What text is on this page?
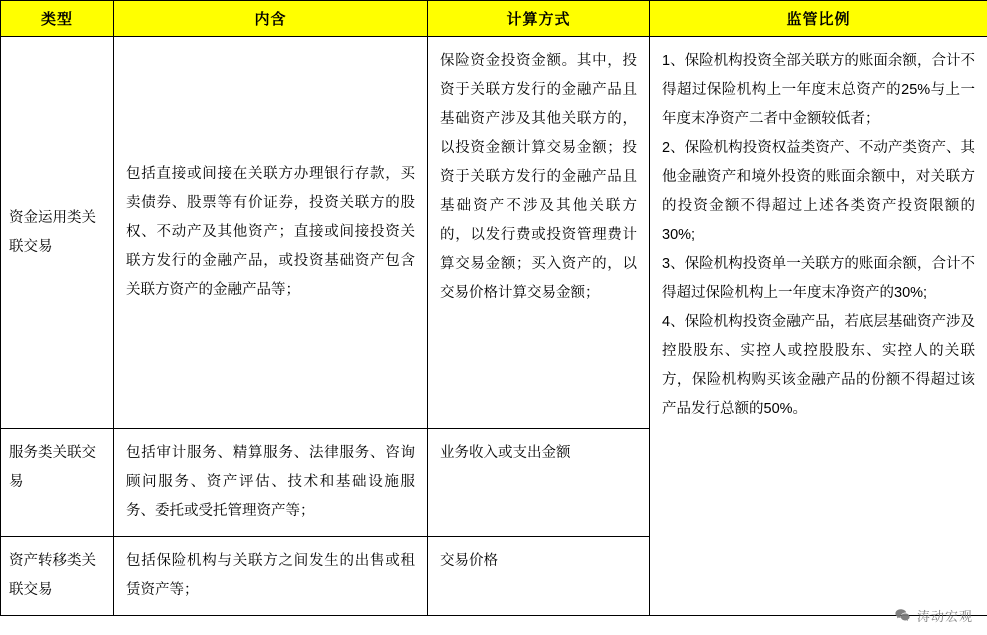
类型	内含	计算方式	监管比例

资金运用类关联交易	包括直接或间接在关联方办理银行存款，买卖债券、股票等有价证券，投资关联方的股权、不动产及其他资产；直接或间接投资关联方发行的金融产品，或投资基础资产包含关联方资产的金融产品等；	保险资金投资金额。其中，投资于关联方发行的金融产品且基础资产涉及其他关联方的，以投资金额计算交易金额；投资于关联方发行的金融产品且基础资产不涉及其他关联方的，以发行费或投资管理费计算交易金额；买入资产的，以交易价格计算交易金额；	1、保险机构投资全部关联方的账面余额，合计不得超过保险机构上一年度末总资产的25%与上一年度末净资产二者中金额较低者；

2、保险机构投资权益类资产、不动产类资产、其他金融资产和境外投资的账面余额中，对关联方的投资金额不得超过上述各类资产投资限额的30%;

3、保险机构投资单一关联方的账面余额，合计不得超过保险机构上一年度末净资产的30%;

4、保险机构投资金融产品，若底层基础资产涉及控股股东、实控人或控股股东、实控人的关联方，保险机构购买该金融产品的份额不得超过该产品发行总额的50%。

服务类关联交易	包括审计服务、精算服务、法律服务、咨询顾问服务、资产评估、技术和基础设施服务、委托或受托管理资产等；	业务收入或支出金额	

资产转移类关联交易	包括保险机构与关联方之间发生的出售或租赁资产等；	交易价格	

涛动宏观
